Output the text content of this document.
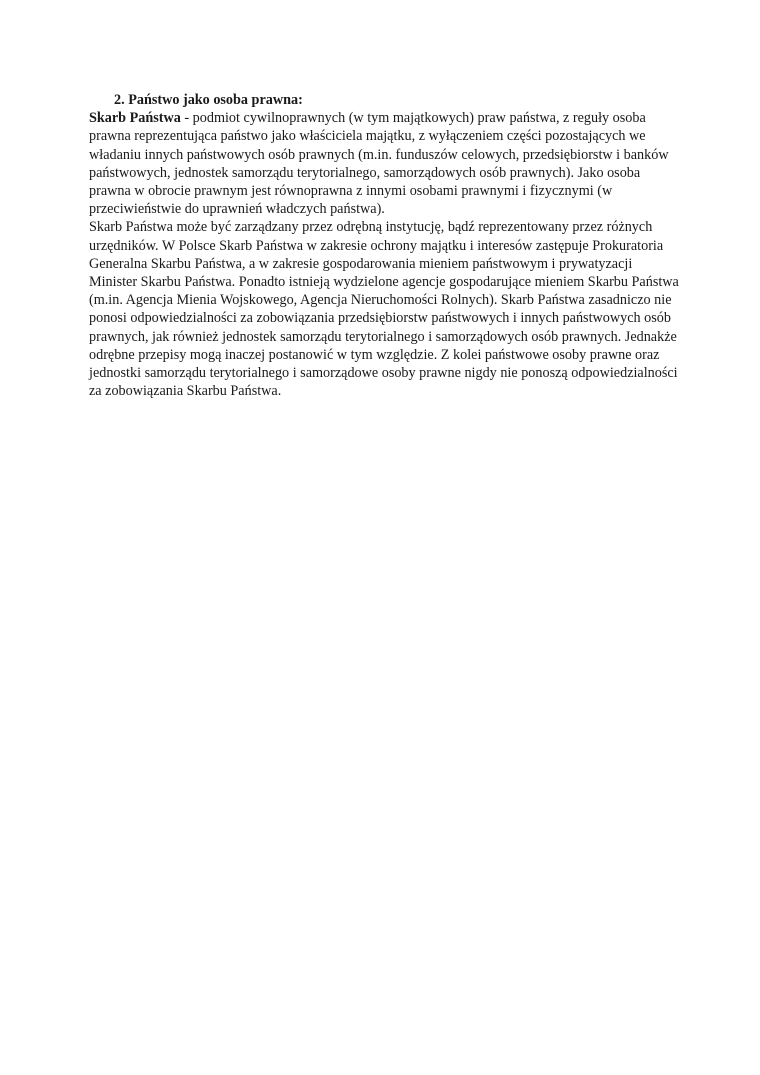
2. Państwo jako osoba prawna:

Skarb Państwa - podmiot cywilnoprawnych (w tym majątkowych) praw państwa, z reguły osoba prawna reprezentująca państwo jako właściciela majątku, z wyłączeniem części pozostających we władaniu innych państwowych osób prawnych (m.in. funduszów celowych, przedsiębiorstw i banków państwowych, jednostek samorządu terytorialnego, samorządowych osób prawnych). Jako osoba prawna w obrocie prawnym jest równoprawna z innymi osobami prawnymi i fizycznymi (w przeciwieństwie do uprawnień władczych państwa).

Skarb Państwa może być zarządzany przez odrębną instytucję, bądź reprezentowany przez różnych urzędników. W Polsce Skarb Państwa w zakresie ochrony majątku i interesów zastępuje Prokuratoria Generalna Skarbu Państwa, a w zakresie gospodarowania mieniem państwowym i prywatyzacji Minister Skarbu Państwa. Ponadto istnieją wydzielone agencje gospodarujące mieniem Skarbu Państwa (m.in. Agencja Mienia Wojskowego, Agencja Nieruchomości Rolnych). Skarb Państwa zasadniczo nie ponosi odpowiedzialności za zobowiązania przedsiębiorstw państwowych i innych państwowych osób prawnych, jak również jednostek samorządu terytorialnego i samorządowych osób prawnych. Jednakże odrębne przepisy mogą inaczej postanowić w tym względzie. Z kolei państwowe osoby prawne oraz jednostki samorządu terytorialnego i samorządowe osoby prawne nigdy nie ponoszą odpowiedzialności za zobowiązania Skarbu Państwa.
